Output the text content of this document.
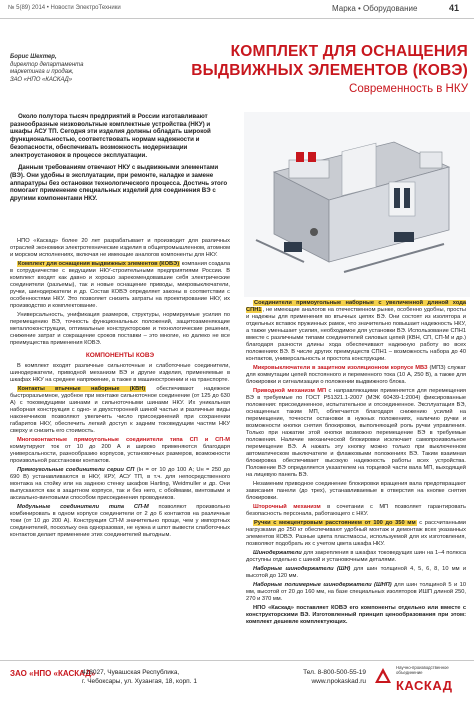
№ 5(89) 2014 • Новости ЭлектроТехники	Марка • Оборудование	41
Борис Шехтер,
директор департамента
маркетинга и продаж,
ЗАО «НПО «КАСКАД»
КОМПЛЕКТ ДЛЯ ОСНАЩЕНИЯ
ВЫДВИЖНЫХ ЭЛЕМЕНТОВ (КОВЭ)
Современность в НКУ

Около полутора тысяч предприятий в России изготавливают разнообразные низковольтные комплектные устройства (НКУ) и шкафы АСУ ТП. Сегодня эти изделия должны обладать широкой функциональностью, соответствовать нормам надежности и безопасности, обеспечивать возможность модернизации электроустановок в процессе эксплуатации.

Данным требованиям отвечают НКУ с выдвижными элементами (ВЭ). Они удобны в эксплуатации, при ремонте, наладке и замене аппаратуры без остановки технологического процесса. Достичь этого помогает применение специальных изделий для соединения ВЭ с другими компонентами НКУ.

НПО «Каскад» более 20 лет разрабатывает и производит для различных отраслей экономики электротехнические изделия в общепромышленном, атомном и морском исполнениях, включая не имеющие аналогов компоненты для НКУ.

Комплект для оснащения выдвижных элементов (КОВЭ) компания создала в сотрудничестве с ведущими НКУ-строительными предприятиями России. В комплект входят как давно и хорошо зарекомендовавшие себя электрические соединители (разъемы), так и новые оснащение приводы, микровыключатели, ручки, шинодержатели и др. Состав КОВЭ определяет законы в соответствии с особенностями НКУ. Это позволяет снизить затраты на проектирование НКУ, их производство и комплектование.

Универсальность, унификация размеров, структуры, нормируемые усилия по перемещению ВЭ, точность функциональных положений, защитозаменяющие металлоконструкции, оптимальные конструкторские и технологические решения, снижение затрат и сокращение сроков поставки – это многие, но далеко не все преимущества применения КОВЭ.

КОМПОНЕНТЫ КОВЭ

В комплект входят различные сильноточные и слаботочные соединители, шинодержатели, приводной механизм ВЭ и другие изделия, применяемые в шкафах НКУ на среднее напряжение, а также в машиностроении и на транспорте.

Контакты втычные наборные (КВН) обеспечивают надежное быстроразъемное, удобное при монтаже сильноточное соединение (от 125 до 630 А) с токоведущими шинами и сильноточными шинами НКУ. Их уникальная наборная конструкция с одно- и двухсторонней шиной частью и различные виды наконечников позволяют увеличить число присоединений при сохранении габаритов НКУ, обеспечить легкий доступ к задним токоведущим частям НКУ сверху и снизить его стоимость.

Многоконтактные прямоугольные соединители типа СП и СП-М коммутируют ток от 10 до 200 А и широко применяются благодаря универсальности, разнообразию корпусов, установочных размеров, возможности произвольной расстановки контактов.

Прямоугольные соединители серии СП (Iн = от 10 до 100 А; Uн = 250 до 690 В) устанавливаются в НКУ, КРУ, АСУ ТП, в т.ч. для непосредственного монтажа на стойку или на заднюю стенку шкафов Harting, Weidmuller и др. Они выпускаются как в защитном корпусе, так и без него, с обоймами, винтовыми и аксиально-винтовыми способом присоединения проводников.

Модульные соединители типа СП-М позволяют произвольно комбинировать в одном корпусе соединители от 2 до 6 контактов на различные токи (от 10 до 200 А). Конструкция СП-М значительно проще, чем у импортных соединителей, поскольку она одноразовая, не нужна и шпот вывести слаботочных контактов делает применение этих соединителей выгодным.

Соединители прямоугольные наборные с увеличенной длиной хода СПН1, не имеющие аналогов на отечественном рынке, особенно удобны, просты и надежны для применения во втычных цепях ВЭ. Они состоят из изолятора и отдельных вставок пружинных рамок, что значительно повышает надежность НКУ, а также уменьшает усилия, необходимое для установки ВЭ. Использование СПН1 вместе с различными типами соединителей силовых цепей (КВН, СП, СП-М и др.) благодаря разности длины хода обеспечивают надежную работу во всех положениях ВЭ. В числе других преимуществ СПН1 – возможность набора до 40 контактов, универсальность и простота конструкции.

Микровыключатели в защитном изоляционном корпусе МВЗ (МПЗ) служат для коммутации цепей постоянного и переменного тока (10 А, 250 В), а также для блокировки и сигнализации о положении выдвижного блока.

Приводной механизм МП с направляющими применяется для перемещения ВЭ в требуемые по ГОСТ Р51321.1-2007 (МЭК 60439-1:2004) фиксированные положения: присоединенное, испытательное и отсоединенное. Эксплуатация ВЭ, оснащенных таким МП, облегчается благодаря снижению усилий на перемещение, точности остановки в нужных положениях, наличию ручки и возможности кнопки снятия блокировки, выполняющей роль ручки управления. Только при нажатии этой кнопки возможно перемещение ВЭ в требуемые положения. Наличие механической блокировки исключает самопроизвольное перемещение ВЭ. А нажать эту кнопку можно только при выключенном автоматическом выключателе и флажковыми положениях ВЭ. Таким взаимная блокировка обеспечивает высокую надежность работы всех устройства. Положение ВЭ определяется указателем на торцевой части вала МП, выходящей на лицевую панель ВЭ.

Незаменим приводное соединение блокировки вращения вала предотвращают зависания панели (до трех), устанавливаемые в отверстия на кнопке снятия блокировки.

Шторочный механизм в сочетании с МП позволяет гарантировать безопасность персонала, работающего с НКУ.

Ручки с межцентровым расстоянием от 100 до 350 мм с рассчитанными нагрузками до 250 кг обеспечивают удобный монтаж и демонтаж всех указанных элементов КОВЭ. Разные цвета пластмассы, используемой для их изготовления, позволяют подобрать их с учетом цвета шкафа НКУ.

Шинодержатели для закрепления в шкафах токоведущих шин на 1–4 полюса доступны отдельно с шиной и установочными деталями.

Наборные шинодержатели (ШН) для шин толщиной 4, 5, 6, 8, 10 мм и высотой до 120 мм.

Наборные полимерные шинодержатели (ШНП) для шин толщиной 5 и 10 мм, высотой от 20 до 160 мм, на базе специальных изоляторов ИШП длиной 250, 270 и 370 мм.

НПО «Каскад» поставляет КОВЭ его компоненты отдельно или вместе с конструкторскими ВЭ. Изготовленный принцип ценообразования при этом: комплект дешевле комплектующих.

ЗАО «НПО «КАСКАД»
428027, Чувашская Республика,
г. Чебоксары, ул. Хузангая, 18, корп. 1
Тел. 8-800-500-55-19
www.npokaskad.ru
Научно-производственное
объединение
КАСКАД
